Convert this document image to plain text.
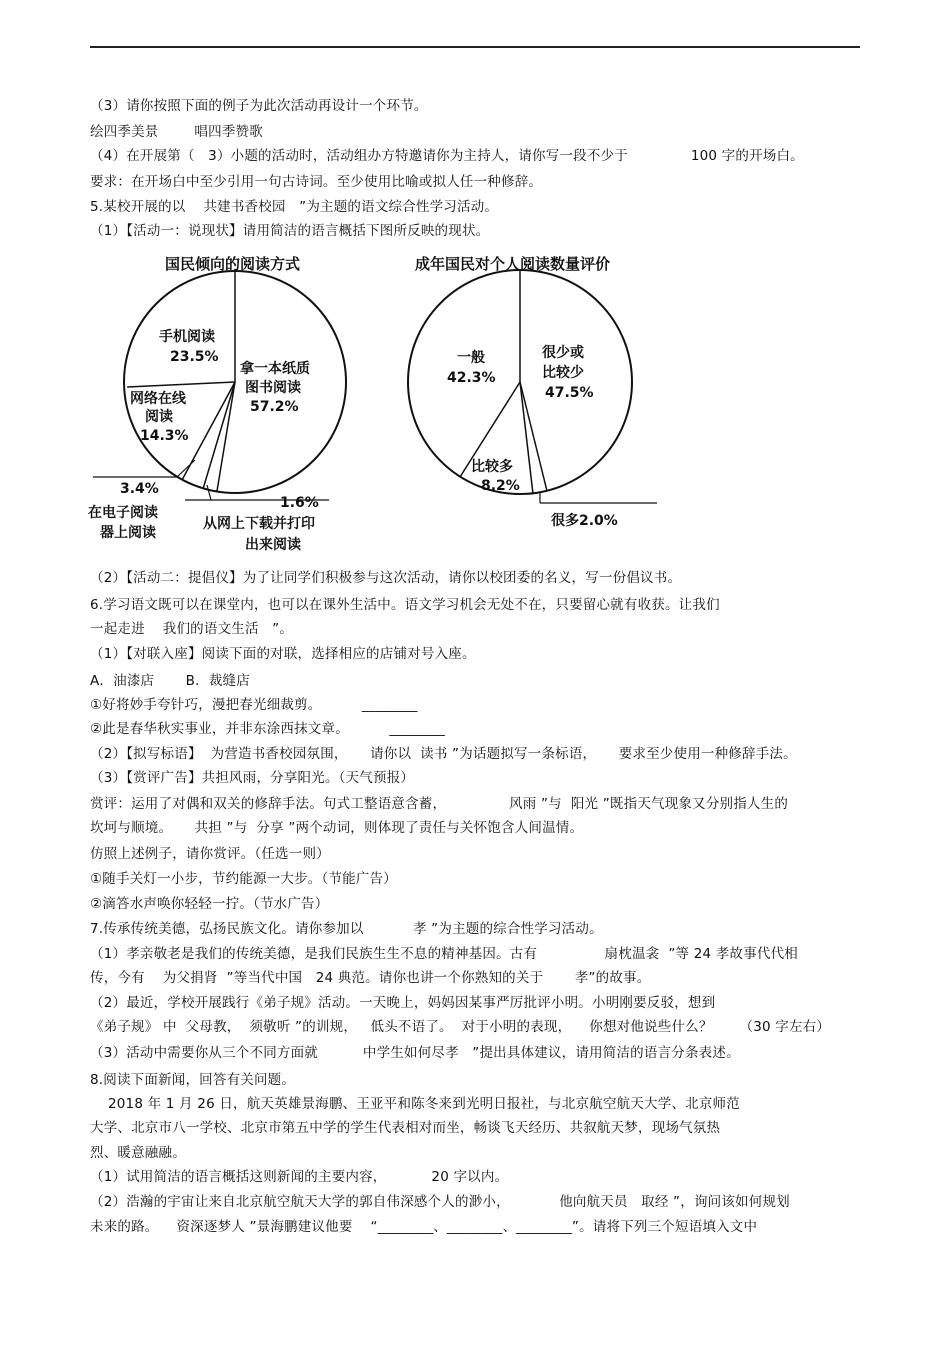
（3）请你按照下面的例子为此次活动再设计一个环节。
绘四季美景        唱四季赞歌
（4）在开展第（   3）小题的活动时，活动组办方特邀请你为主持人，请你写一段不少于              100 字的开场白。
要求：在开场白中至少引用一句古诗词。至少使用比喻或拟人任一种修辞。
5.某校开展的以    共建书香校园   ”为主题的语文综合性学习活动。
（1）【活动一：说现状】请用简洁的语言概括下图所反映的现状。
国民倾向的阅读方式
拿一本纸质
图书阅读
57.2%
手机阅读
23.5%
网络在线
阅读
14.3%
3.4%
在电子阅读
器上阅读
1.6%
从网上下载并打印
出来阅读
成年国民对个人阅读数量评价
很少或
比较少
47.5%
一般
42.3%
比较多
8.2%
很多2.0%
（2）【活动二：提倡仪】为了让同学们积极参与这次活动，请你以校团委的名义，写一份倡议书。
6.学习语文既可以在课堂内，也可以在课外生活中。语文学习机会无处不在，只要留心就有收获。让我们
一起走进    我们的语文生活   ”。
（1）【对联入座】阅读下面的对联，选择相应的店铺对号入座。
A．油漆店       B．裁缝店
①好将妙手夸针巧，漫把春光细裁剪。         ________
②此是春华秋实事业，并非东涂西抹文章。         ________
（2）【拟写标语】  为营造书香校园氛围，     请你以  读书 ”为话题拟写一条标语，     要求至少使用一种修辞手法。
（3）【赏评广告】共担风雨，分享阳光。（天气预报）
赏评：运用了对偶和双关的修辞手法。句式工整语意含蓄，              风雨 ”与  阳光 ”既指天气现象又分别指人生的
坎坷与顺境。     共担 ”与  分享 ”两个动词，则体现了责任与关怀饱含人间温情。
仿照上述例子，请你赏评。（任选一则）
①随手关灯一小步，节约能源一大步。（节能广告）
②滴答水声唤你轻轻一拧。（节水广告）
7.传承传统美德，弘扬民族文化。请你参加以           孝 ”为主题的综合性学习活动。
（1）孝亲敬老是我们的传统美德，是我们民族生生不息的精神基因。古有               扇枕温衾  ”等 24 孝故事代代相
传，今有    为父捐肾  ”等当代中国   24 典范。请你也讲一个你熟知的关于       孝”的故事。
（2）最近，学校开展践行《弟子规》活动。一天晚上，妈妈因某事严厉批评小明。小明刚要反驳，想到
《弟子规》 中  父母教，  须敬听 ”的训规，   低头不语了。  对于小明的表现，    你想对他说些什么？      （30 字左右）
（3）活动中需要你从三个不同方面就          中学生如何尽孝   ”提出具体建议，请用简洁的语言分条表述。
8.阅读下面新闻，回答有关问题。
2018 年 1 月 26 日，航天英雄景海鹏、王亚平和陈冬来到光明日报社，与北京航空航天大学、北京师范
大学、北京市八一学校、北京市第五中学的学生代表相对而坐，畅谈飞天经历、共叙航天梦，现场气氛热
烈、暖意融融。
（1）试用简洁的语言概括这则新闻的主要内容，          20 字以内。
（2）浩瀚的宇宙让来自北京航空航天大学的郭自伟深感个人的渺小，           他向航天员   取经 ”，询问该如何规划
未来的路。    资深逐梦人 ”景海鹏建议他要    “________、________、________”。请将下列三个短语填入文中
